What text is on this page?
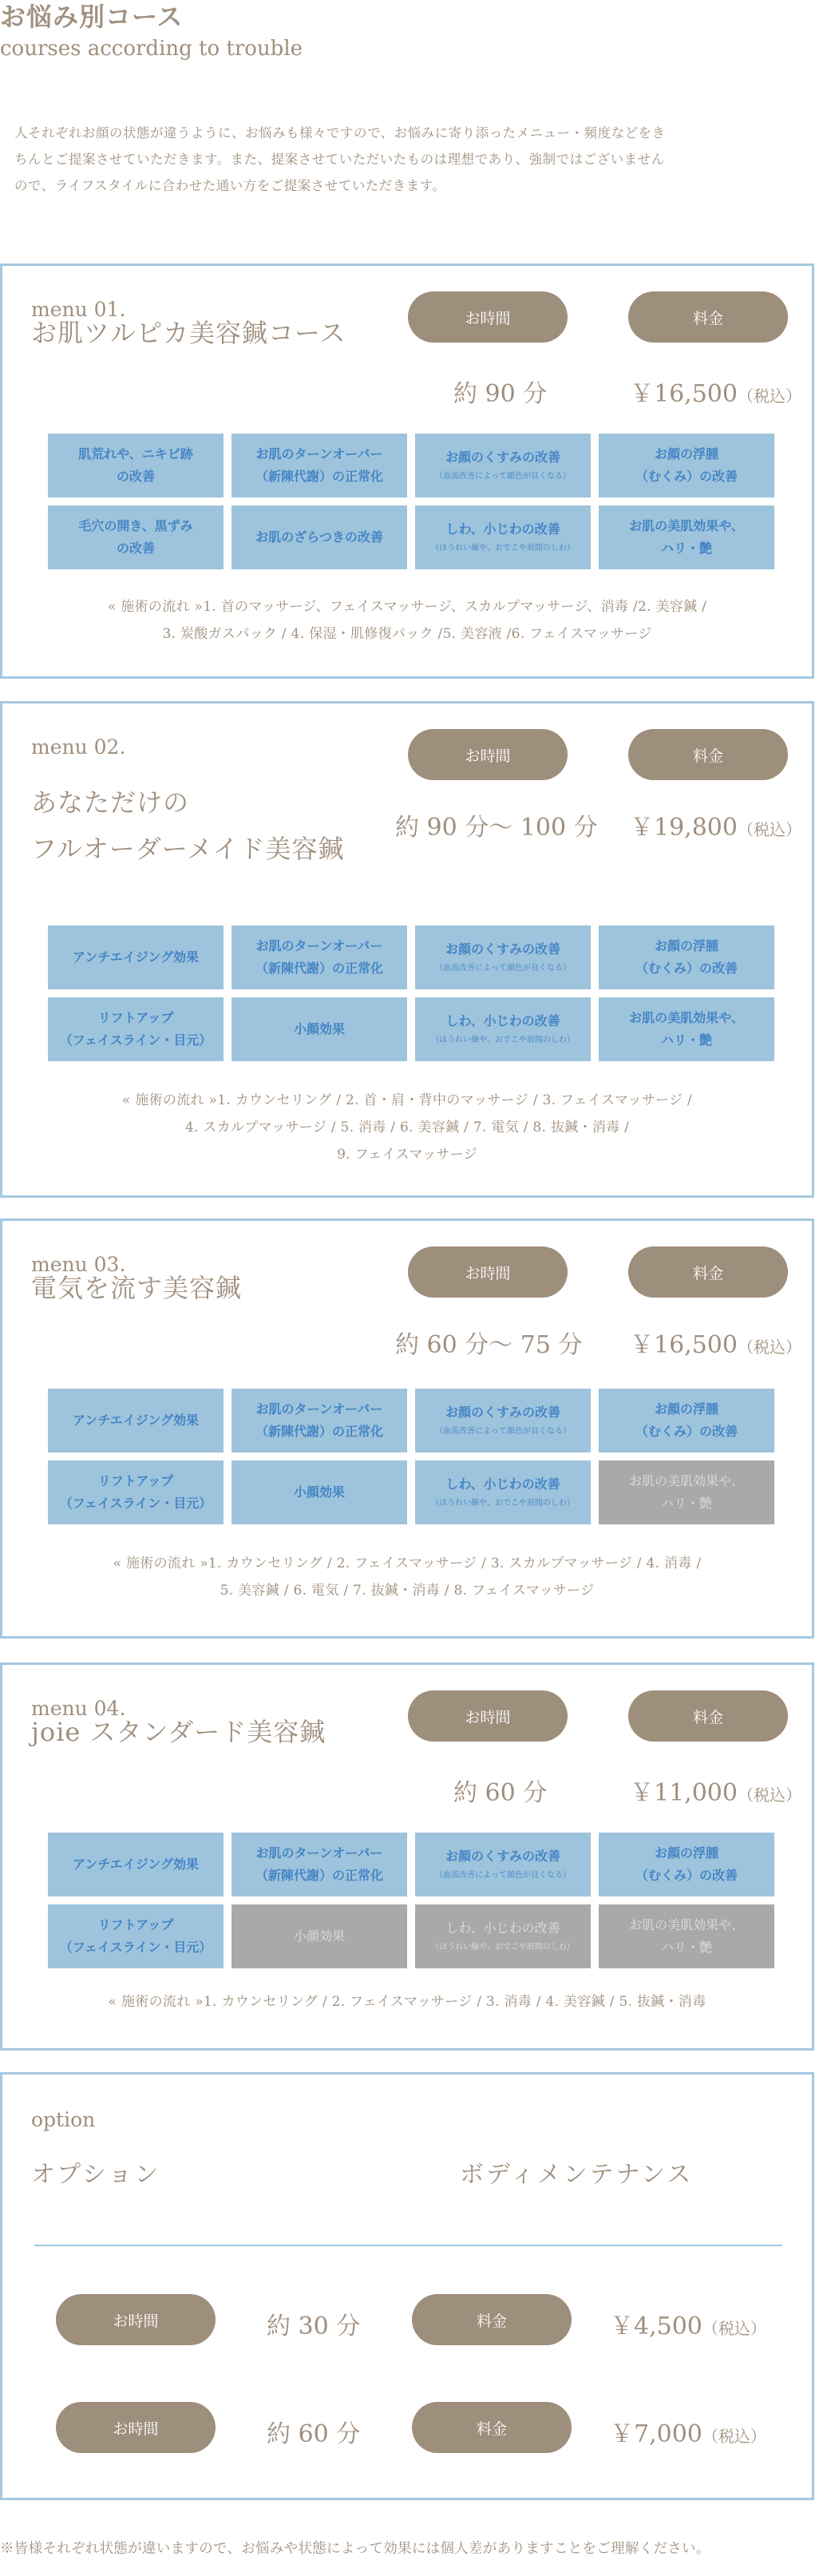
お悩み別コース
courses according to trouble
人それぞれお顔の状態が違うように、お悩みも様々ですので、お悩みに寄り添ったメニュー・頻度などをき
ちんとご提案させていただきます。また、提案させていただいたものは理想であり、強制ではございません
ので、ライフスタイルに合わせた通い方をご提案させていただきます。
menu 01.
お肌ツルピカ美容鍼コース	お時間	料金
約 90 分	￥16,500（税込）
肌荒れや、ニキビ跡
の改善
お肌のターンオーバー
（新陳代謝）の正常化
お顔のくすみの改善
（血流改善によって顔色が良くなる）
お顔の浮腫
（むくみ）の改善
毛穴の開き、黒ずみ
の改善
お肌のざらつきの改善
しわ、小じわの改善
（ほうれい線や、おでこや眉間のしわ）
お肌の美肌効果や、
ハリ・艶
« 施術の流れ »1. 首のマッサージ、フェイスマッサージ、スカルプマッサージ、消毒 /2. 美容鍼 /
3. 炭酸ガスパック / 4. 保湿・肌修復パック /5. 美容液 /6. フェイスマッサージ
menu 02.
あなただけの
フルオーダーメイド美容鍼
お時間	料金
約 90 分～ 100 分 ￥19,800（税込）
アンチエイジング効果
お肌のターンオーバー
（新陳代謝）の正常化
お顔のくすみの改善
（血流改善によって顔色が良くなる）
お顔の浮腫
（むくみ）の改善
リフトアップ
（フェイスライン・目元）
小顔効果
しわ、小じわの改善
（ほうれい線や、おでこや眉間のしわ）
お肌の美肌効果や、
ハリ・艶
« 施術の流れ »1. カウンセリング / 2. 首・肩・背中のマッサージ / 3. フェイスマッサージ /
4. スカルプマッサージ / 5. 消毒 / 6. 美容鍼 / 7. 電気 / 8. 抜鍼・消毒 /
9. フェイスマッサージ
menu 03.
電気を流す美容鍼	お時間	料金
約 60 分～ 75 分 ￥16,500（税込）
アンチエイジング効果
お肌のターンオーバー
（新陳代謝）の正常化
お顔のくすみの改善
（血流改善によって顔色が良くなる）
お顔の浮腫
（むくみ）の改善
リフトアップ
（フェイスライン・目元）
小顔効果
しわ、小じわの改善
（ほうれい線や、おでこや眉間のしわ）
お肌の美肌効果や、
ハリ・艶
« 施術の流れ »1. カウンセリング / 2. フェイスマッサージ / 3. スカルプマッサージ / 4. 消毒 /
5. 美容鍼 / 6. 電気 / 7. 抜鍼・消毒 / 8. フェイスマッサージ
menu 04.
joie スタンダード美容鍼	お時間	料金
約 60 分	￥11,000（税込）
アンチエイジング効果
お肌のターンオーバー
（新陳代謝）の正常化
お顔のくすみの改善
（血流改善によって顔色が良くなる）
お顔の浮腫
（むくみ）の改善
リフトアップ
（フェイスライン・目元）
小顔効果
しわ、小じわの改善
（ほうれい線や、おでこや眉間のしわ）
お肌の美肌効果や、
ハリ・艶
« 施術の流れ »1. カウンセリング / 2. フェイスマッサージ / 3. 消毒 / 4. 美容鍼 / 5. 抜鍼・消毒
option
オプション	ボディメンテナンス
お時間	約 30 分	料金	￥4,500（税込）
お時間	約 60 分	料金	￥7,000（税込）
※皆様それぞれ状態が違いますので、お悩みや状態によって効果には個人差がありますことをご理解ください。
